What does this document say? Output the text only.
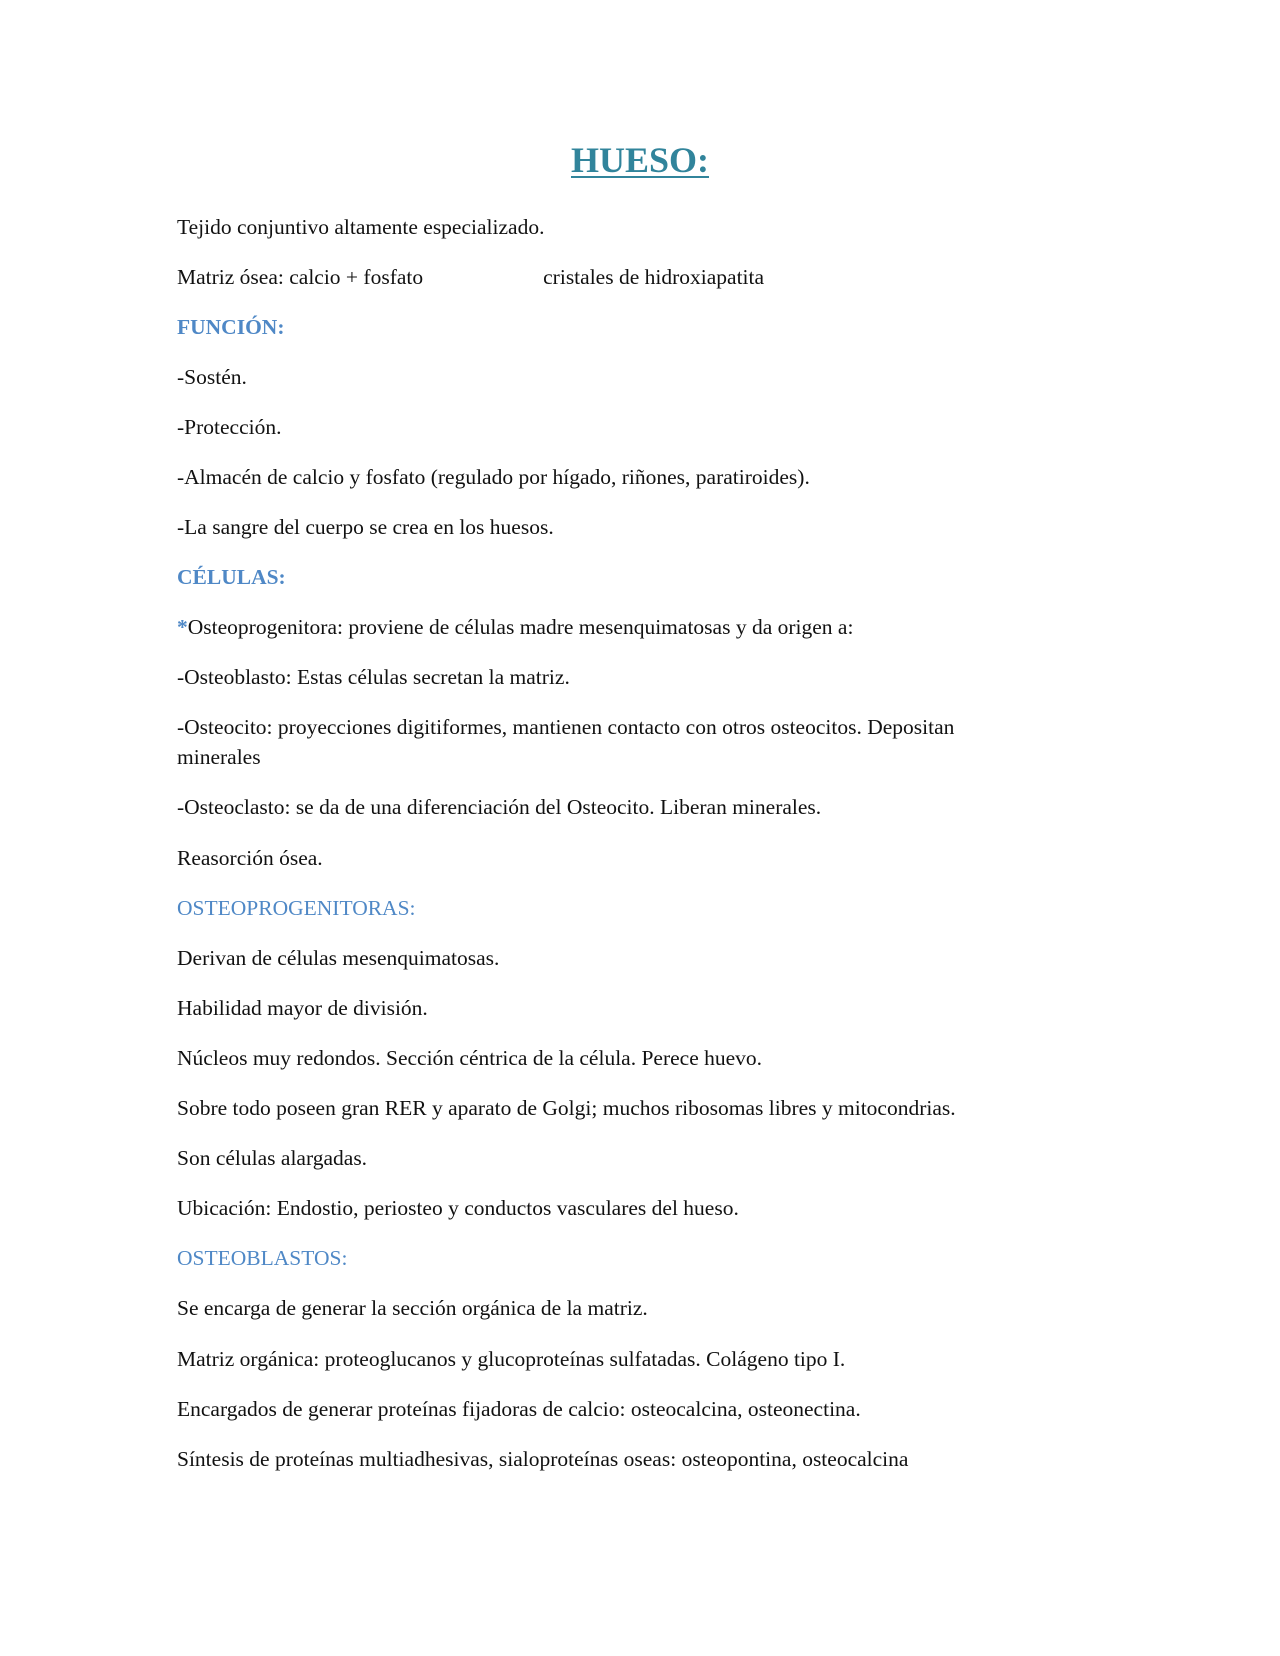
HUESO:
Tejido conjuntivo altamente especializado.
Matriz ósea: calcio + fosfato	cristales de hidroxiapatita
FUNCIÓN:
-Sostén.
-Protección.
-Almacén de calcio y fosfato (regulado por hígado, riñones, paratiroides).
-La sangre del cuerpo se crea en los huesos.
CÉLULAS:
*Osteoprogenitora: proviene de células madre mesenquimatosas y da origen a:
-Osteoblasto: Estas células secretan la matriz.
-Osteocito: proyecciones digitiformes, mantienen contacto con otros osteocitos. Depositan minerales
-Osteoclasto: se da de una diferenciación del Osteocito. Liberan minerales.
Reasorción ósea.
OSTEOPROGENITORAS:
Derivan de células mesenquimatosas.
Habilidad mayor de división.
Núcleos muy redondos. Sección céntrica de la célula. Perece huevo.
Sobre todo poseen gran RER y aparato de Golgi; muchos ribosomas libres y mitocondrias.
Son células alargadas.
Ubicación: Endostio, periosteo y conductos vasculares del hueso.
OSTEOBLASTOS:
Se encarga de generar la sección orgánica de la matriz.
Matriz orgánica: proteoglucanos y glucoproteínas sulfatadas. Colágeno tipo I.
Encargados de generar proteínas fijadoras de calcio: osteocalcina, osteonectina.
Síntesis de proteínas multiadhesivas, sialoproteínas oseas: osteopontina, osteocalcina
